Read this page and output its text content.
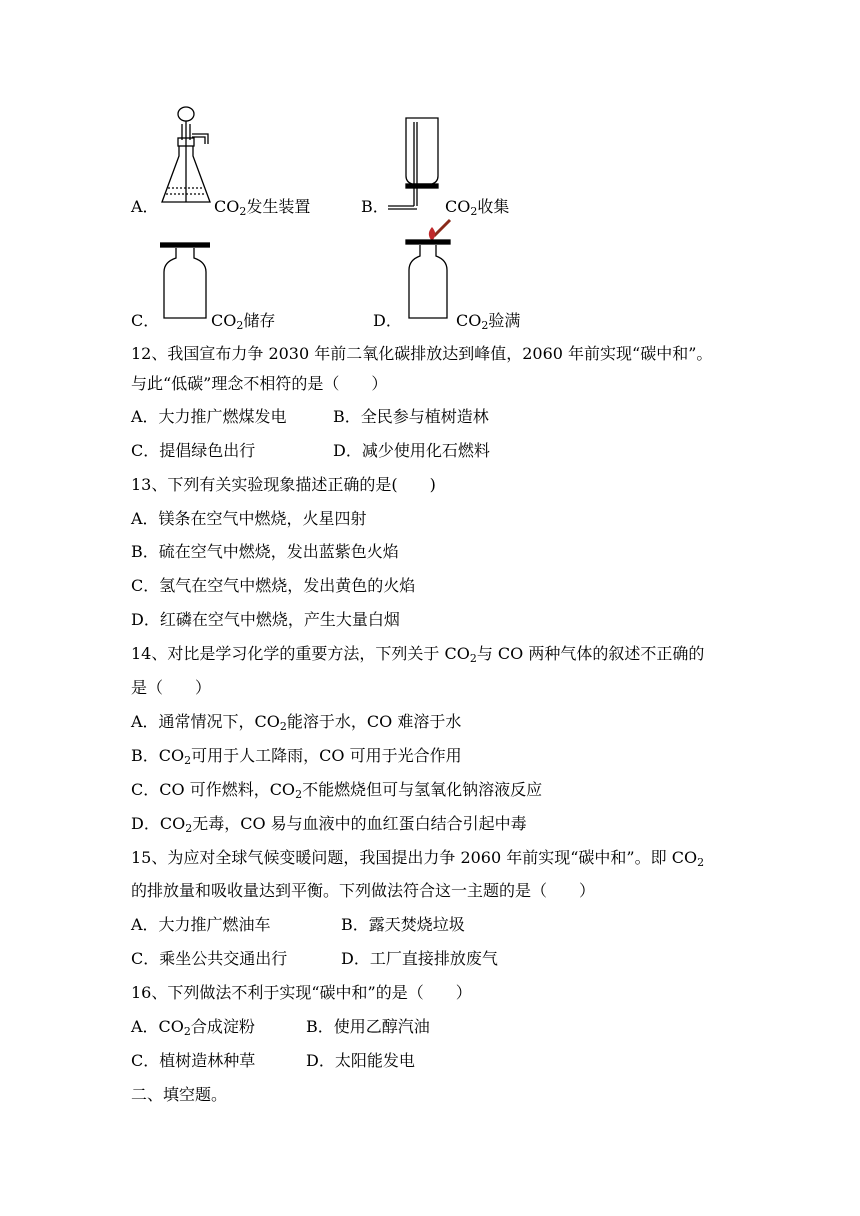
A．	$CO_2$发生装置	B．	$CO_2$收集
C．	$CO_2$储存	D．	$CO_2$验满
12、我国宣布力争 2030 年前二氧化碳排放达到峰值，2060 年前实现“碳中和”。
与此“低碳”理念不相符的是（　　）
A．大力推广燃煤发电	B．全民参与植树造林
C．提倡绿色出行	D．减少使用化石燃料
13、下列有关实验现象描述正确的是(　　)
A．镁条在空气中燃烧，火星四射
B．硫在空气中燃烧，发出蓝紫色火焰
C．氢气在空气中燃烧，发出黄色的火焰
D．红磷在空气中燃烧，产生大量白烟
14、对比是学习化学的重要方法，下列关于 $CO_2$与 CO 两种气体的叙述不正确的
是（　　）
A．通常情况下，$CO_2$能溶于水，CO 难溶于水
B．$CO_2$可用于人工降雨，CO 可用于光合作用
C．CO 可作燃料，$CO_2$不能燃烧但可与氢氧化钠溶液反应
D．$CO_2$无毒，CO 易与血液中的血红蛋白结合引起中毒
15、为应对全球气候变暖问题，我国提出力争 2060 年前实现“碳中和”。即 $CO_2$
的排放量和吸收量达到平衡。下列做法符合这一主题的是（　　）
A．大力推广燃油车	B．露天焚烧垃圾
C．乘坐公共交通出行	D．工厂直接排放废气
16、下列做法不利于实现“碳中和”的是（　　）
A．$CO_2$合成淀粉	B．使用乙醇汽油
C．植树造林种草	D．太阳能发电
二、填空题。
